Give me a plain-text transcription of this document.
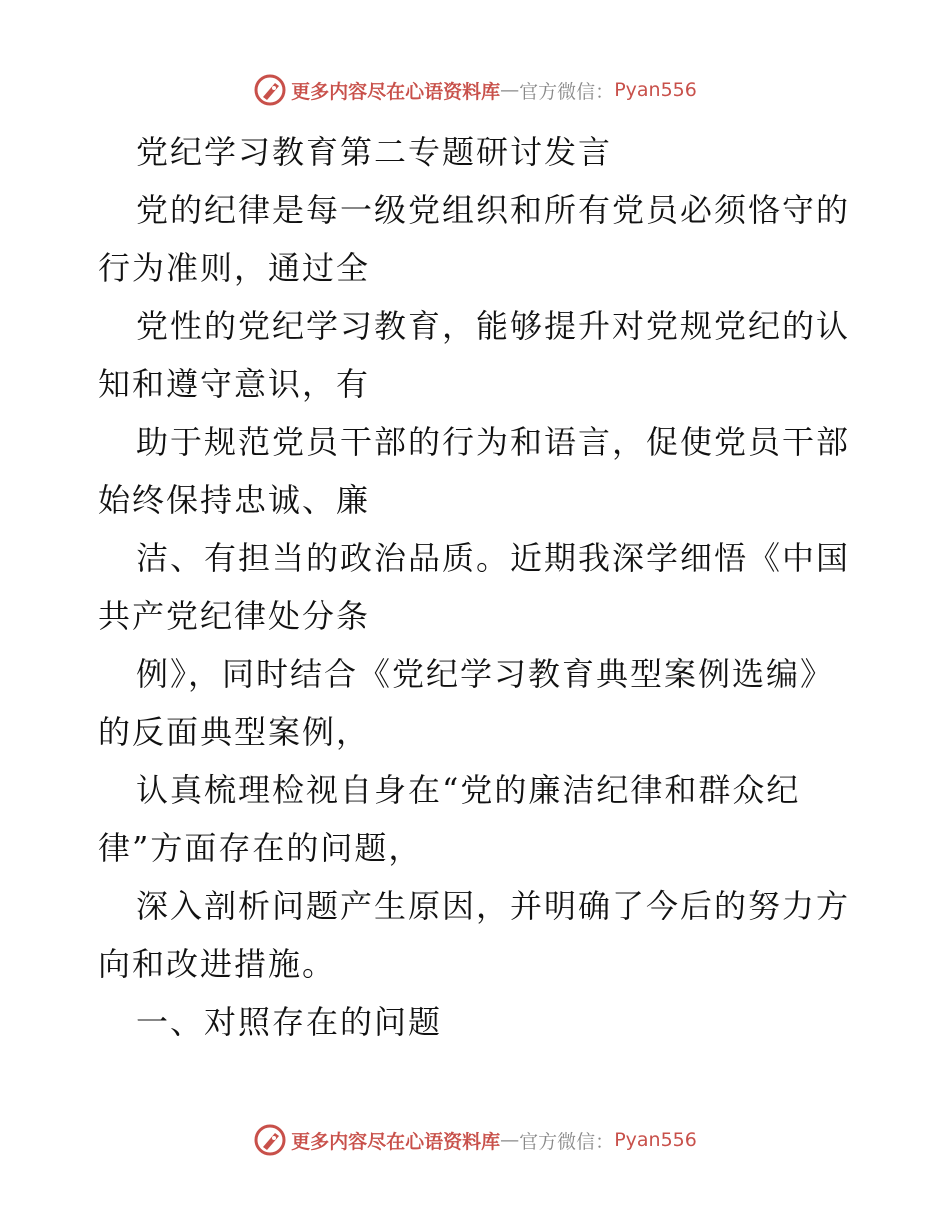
更多内容尽在心语资料库 — 官方微信： Pyan556
党纪学习教育第二专题研讨发言
党的纪律是每一级党组织和所有党员必须恪守的
行为准则，通过全
党性的党纪学习教育，能够提升对党规党纪的认
知和遵守意识，有
助于规范党员干部的行为和语言，促使党员干部
始终保持忠诚、廉
洁、有担当的政治品质。近期我深学细悟《中国
共产党纪律处分条
例》，同时结合《党纪学习教育典型案例选编》
的反面典型案例，
认真梳理检视自身在“党的廉洁纪律和群众纪
律”方面存在的问题，
深入剖析问题产生原因，并明确了今后的努力方
向和改进措施。
一、对照存在的问题
更多内容尽在心语资料库 — 官方微信： Pyan556
